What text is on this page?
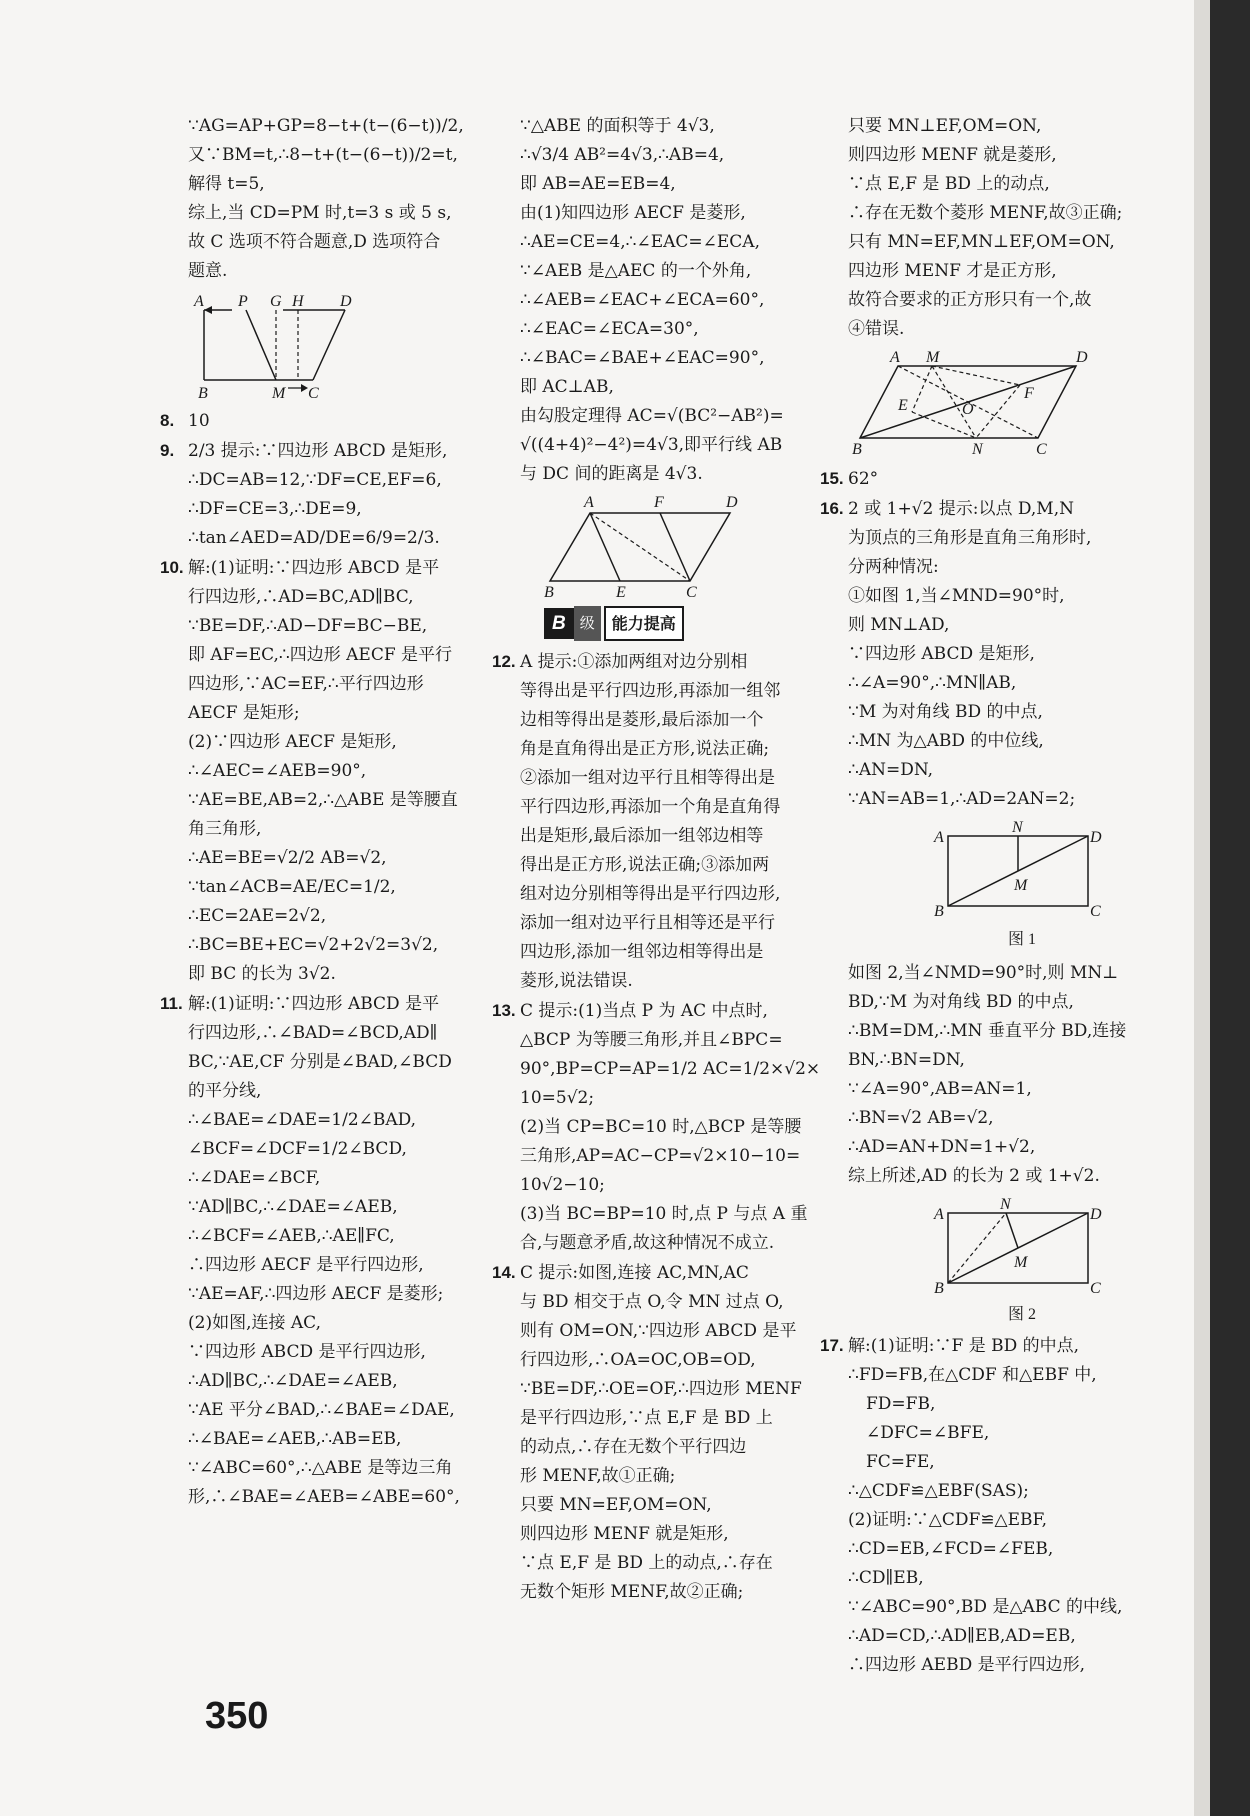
∵AG=AP+GP=8−t+(t−(6−t))/2,
又∵BM=t,∴8−t+(t−(6−t))/2=t,
解得 t=5,
综上,当 CD=PM 时,t=3 s 或 5 s,
故 C 选项不符合题意,D 选项符合
题意.
A P G H D
B	M C
8. 10
9. 2/3 提示:∵四边形 ABCD 是矩形,
∴DC=AB=12,∵DF=CE,EF=6,
∴DF=CE=3,∴DE=9,
∴tan∠AED=AD/DE=6/9=2/3.
10. 解:(1)证明:∵四边形 ABCD 是平
行四边形,∴AD=BC,AD∥BC,
∵BE=DF,∴AD−DF=BC−BE,
即 AF=EC,∴四边形 AECF 是平行
四边形,∵AC=EF,∴平行四边形
AECF 是矩形;
(2)∵四边形 AECF 是矩形,
∴∠AEC=∠AEB=90°,
∵AE=BE,AB=2,∴△ABE 是等腰直
角三角形,
∴AE=BE=√2/2 AB=√2,
∵tan∠ACB=AE/EC=1/2,
∴EC=2AE=2√2,
∴BC=BE+EC=√2+2√2=3√2,
即 BC 的长为 3√2.
11. 解:(1)证明:∵四边形 ABCD 是平
行四边形,∴∠BAD=∠BCD,AD∥
BC,∵AE,CF 分别是∠BAD,∠BCD
的平分线,
∴∠BAE=∠DAE=1/2∠BAD,
∠BCF=∠DCF=1/2∠BCD,
∴∠DAE=∠BCF,
∵AD∥BC,∴∠DAE=∠AEB,
∴∠BCF=∠AEB,∴AE∥FC,
∴四边形 AECF 是平行四边形,
∵AE=AF,∴四边形 AECF 是菱形;
(2)如图,连接 AC,
∵四边形 ABCD 是平行四边形,
∴AD∥BC,∴∠DAE=∠AEB,
∵AE 平分∠BAD,∴∠BAE=∠DAE,
∴∠BAE=∠AEB,∴AB=EB,
∵∠ABC=60°,∴△ABE 是等边三角
形,∴∠BAE=∠AEB=∠ABE=60°,
∵△ABE 的面积等于 4√3,
∴√3/4 AB²=4√3,∴AB=4,
即 AB=AE=EB=4,
由(1)知四边形 AECF 是菱形,
∴AE=CE=4,∴∠EAC=∠ECA,
∵∠AEB 是△AEC 的一个外角,
∴∠AEB=∠EAC+∠ECA=60°,
∴∠EAC=∠ECA=30°,
∴∠BAC=∠BAE+∠EAC=90°,
即 AC⊥AB,
由勾股定理得 AC=√(BC²−AB²)=
√((4+4)²−4²)=4√3,即平行线 AB
与 DC 间的距离是 4√3.
A	F	D
B	E	C
B 级	能力提高
12. A 提示:①添加两组对边分别相
等得出是平行四边形,再添加一组邻
边相等得出是菱形,最后添加一个
角是直角得出是正方形,说法正确;
②添加一组对边平行且相等得出是
平行四边形,再添加一个角是直角得
出是矩形,最后添加一组邻边相等
得出是正方形,说法正确;③添加两
组对边分别相等得出是平行四边形,
添加一组对边平行且相等还是平行
四边形,添加一组邻边相等得出是
菱形,说法错误.
13. C 提示:(1)当点 P 为 AC 中点时,
△BCP 为等腰三角形,并且∠BPC=
90°,BP=CP=AP=1/2 AC=1/2×√2×
10=5√2;
(2)当 CP=BC=10 时,△BCP 是等腰
三角形,AP=AC−CP=√2×10−10=
10√2−10;
(3)当 BC=BP=10 时,点 P 与点 A 重
合,与题意矛盾,故这种情况不成立.
14. C 提示:如图,连接 AC,MN,AC
与 BD 相交于点 O,令 MN 过点 O,
则有 OM=ON,∵四边形 ABCD 是平
行四边形,∴OA=OC,OB=OD,
∵BE=DF,∴OE=OF,∴四边形 MENF
是平行四边形,∵点 E,F 是 BD 上
的动点,∴存在无数个平行四边
形 MENF,故①正确;
只要 MN=EF,OM=ON,
则四边形 MENF 就是矩形,
∵点 E,F 是 BD 上的动点,∴存在
无数个矩形 MENF,故②正确;
只要 MN⊥EF,OM=ON,
则四边形 MENF 就是菱形,
∵点 E,F 是 BD 上的动点,
∴存在无数个菱形 MENF,故③正确;
只有 MN=EF,MN⊥EF,OM=ON,
四边形 MENF 才是正方形,
故符合要求的正方形只有一个,故
④错误.
A M	D
E	O
F
B	N	C
15. 62°
16. 2 或 1+√2 提示:以点 D,M,N
为顶点的三角形是直角三角形时,
分两种情况:
①如图 1,当∠MND=90°时,
则 MN⊥AD,
∵四边形 ABCD 是矩形,
∴∠A=90°,∴MN∥AB,
∵M 为对角线 BD 的中点,
∴MN 为△ABD 的中位线,
∴AN=DN,
∵AN=AB=1,∴AD=2AN=2;
A
N
D
M
B	C
图 1
如图 2,当∠NMD=90°时,则 MN⊥
BD,∵M 为对角线 BD 的中点,
∴BM=DM,∴MN 垂直平分 BD,连接
BN,∴BN=DN,
∵∠A=90°,AB=AN=1,
∴BN=√2 AB=√2,
∴AD=AN+DN=1+√2,
综上所述,AD 的长为 2 或 1+√2.
A
N
D
M
B	C
图 2
17. 解:(1)证明:∵F 是 BD 的中点,
∴FD=FB,在△CDF 和△EBF 中,
FD=FB,
∠DFC=∠BFE,
FC=FE,
∴△CDF≌△EBF(SAS);
(2)证明:∵△CDF≌△EBF,
∴CD=EB,∠FCD=∠FEB,
∴CD∥EB,
∵∠ABC=90°,BD 是△ABC 的中线,
∴AD=CD,∴AD∥EB,AD=EB,
∴四边形 AEBD 是平行四边形,
350
